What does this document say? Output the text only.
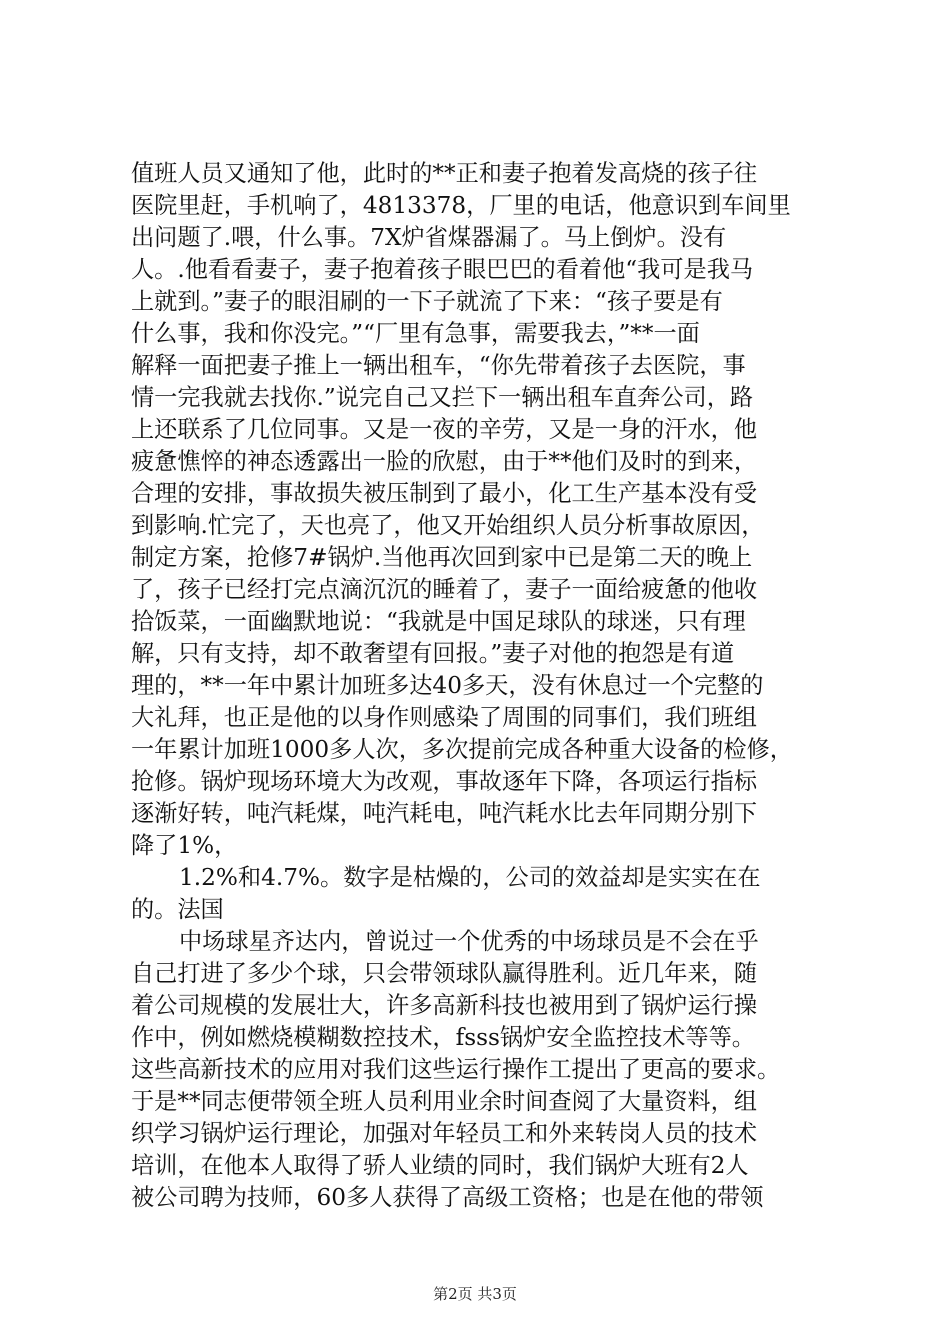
值班人员又通知了他，此时的**正和妻子抱着发高烧的孩子往
医院里赶，手机响了，4813378，厂里的电话，他意识到车间里
出问题了.喂，什么事。7X炉省煤器漏了。马上倒炉。没有
人。.他看看妻子，妻子抱着孩子眼巴巴的看着他“我可是我马
上就到。”妻子的眼泪刷的一下子就流了下来：“孩子要是有
什么事，我和你没完。”“厂里有急事，需要我去，”**一面
解释一面把妻子推上一辆出租车，“你先带着孩子去医院，事
情一完我就去找你.”说完自己又拦下一辆出租车直奔公司，路
上还联系了几位同事。又是一夜的辛劳，又是一身的汗水，他
疲惫憔悴的神态透露出一脸的欣慰，由于**他们及时的到来，
合理的安排，事故损失被压制到了最小，化工生产基本没有受
到影响.忙完了，天也亮了，他又开始组织人员分析事故原因，
制定方案，抢修7#锅炉.当他再次回到家中已是第二天的晚上
了，孩子已经打完点滴沉沉的睡着了，妻子一面给疲惫的他收
拾饭菜，一面幽默地说：“我就是中国足球队的球迷，只有理
解，只有支持，却不敢奢望有回报。”妻子对他的抱怨是有道
理的，**一年中累计加班多达40多天，没有休息过一个完整的
大礼拜，也正是他的以身作则感染了周围的同事们，我们班组
一年累计加班1000多人次，多次提前完成各种重大设备的检修，
抢修。锅炉现场环境大为改观，事故逐年下降，各项运行指标
逐渐好转，吨汽耗煤，吨汽耗电，吨汽耗水比去年同期分别下
降了1%，
1.2%和4.7%。数字是枯燥的，公司的效益却是实实在在
的。法国
中场球星齐达内，曾说过一个优秀的中场球员是不会在乎
自己打进了多少个球，只会带领球队赢得胜利。近几年来，随
着公司规模的发展壮大，许多高新科技也被用到了锅炉运行操
作中，例如燃烧模糊数控技术，fsss锅炉安全监控技术等等。
这些高新技术的应用对我们这些运行操作工提出了更高的要求。
于是**同志便带领全班人员利用业余时间查阅了大量资料，组
织学习锅炉运行理论，加强对年轻员工和外来转岗人员的技术
培训，在他本人取得了骄人业绩的同时，我们锅炉大班有2人
被公司聘为技师，60多人获得了高级工资格；也是在他的带领
第2页 共3页
